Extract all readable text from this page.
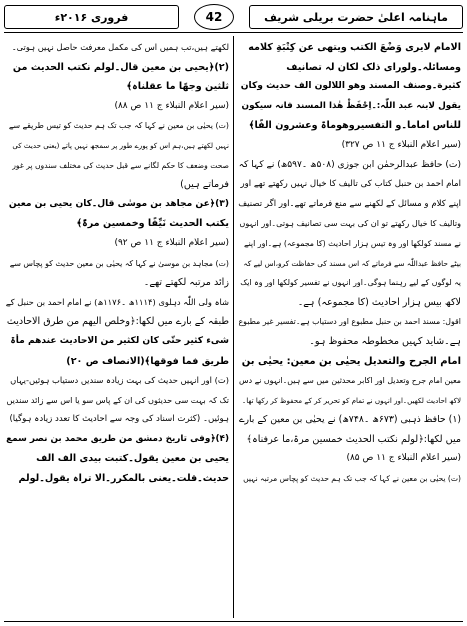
فروری ۲۰۱۶ء	42	ماہنامہ اعلیٰ حضرت بریلی شریف
الامام لایری وَضْعَ الکتب ویتھی عن کِتْبَةِ کلامه
ومسائلہ۔ولورای ذلک لکان لہ تصانیف
کثیرة۔وصنف المسند وھو اللالون الف حدیث وکان
یقول لابنہ عبد اللّٰہ:۔اِحْفَظْ ھٰذا المسند فانہ سیکون
للناس اماما۔و التفسیروھوماۃ وعشرون الفًا﴾
(سیر اعلام النبلاء ج ۱۱ ص ۳۲۷)
(ت) حافظ عبدالرحمٰن ابن جوزی (۵۰۸ھ ۔۵۹۷ھ) نے کہا کہ
امام احمد بن حنبل کتاب کی تالیف کا خیال نہیں رکھتے تھے اور
اپنے کلام و مسائل کے لکھنے سے منع فرماتے تھے۔اور اگر تصنیف
وتالیف کا خیال رکھتے تو ان کی بہت سی تصانیف ہوتی۔اور انہوں
نے مسند کولکھا اور وہ تیس ہزار احادیث (کا مجموعہ) ہے۔اور اپنے
بیٹے حافظ عبداللّٰہ سے فرماتے کہ اس مسند کی حفاظت کرو،اس لیے کہ
یہ لوگوں کے لیے رہنما ہوگی۔اور انہوں نے تفسیر کولکھا اور وہ ایک
لاکھ بیس ہزار احادیث (کا مجموعہ) ہے۔
اقول: مسند احمد بن حنبل مطبوع اور دستیاب ہے۔تفسیر غیر مطبوع
ہے۔شاید کہیں مخطوطہ محفوظ ہو۔
امام الجرح والتعدیل یحیٰی بن معین: یحیٰی بن
معین امام جرح وتعدیل اور اکابر محدثین میں سے ہیں۔انہوں نے دس
لاکھ احادیث لکھیں۔اور انہوں نے تمام کو تحریر کر کے محفوظ کر رکھا تھا۔
(۱) حافظ ذہبی (۶۷۳ھ ۔۷۴۸ھ) نے یحیٰی بن معین کے بارے
میں لکھا:﴿لولم نکتب الحدیث خمسین مرۃ،ما عرفناہ﴾
(سیر اعلام النبلاء ج ۱۱ ص ۸۵)
(ت) یحیٰی بن معین نے کہا کہ جب تک ہم حدیث کو پچاس مرتبہ نہیں
لکھتے ہیں،تب ہمیں اس کی مکمل معرفت حاصل نہیں ہوتی۔
(۲)﴿یحیی بن معین قال۔لولم نکتب الحدیث من
ثلثین وجھًا ما عقلناہ﴾
(سیر اعلام النبلاء ج ۱۱ ص ۸۸)
(ت) یحیٰی بن معین نے کہا کہ جب تک ہم حدیث کو تیس طریقے سے
نہیں لکھتے ہیں،ہم اس کو پورے طور پر سمجھ نہیں پاتے (یعنی حدیث کی
صحت وضعف کا حکم لگانے سے قبل حدیث کی مختلف سندوں پر غور
فرماتے ہیں)
(۳)﴿عن مجاھد بن موسٰی قال۔کان یحیی بن معین
یکتب الحدیث نَیِّفًا وخمسین مرۃً﴾
(سیر اعلام النبلاء ج ۱۱ ص ۹۲)
(ت) مجاہد بن موسیٰ نے کہا کہ یحیٰی بن معین حدیث کو پچاس سے
زائد مرتبہ لکھتے تھے۔
شاہ ولی اللّٰہ دہلوی (۱۱۱۴ھ ۔۱۱۷۶ھ) نے امام احمد بن حنبل کے
طبقہ کے بارے میں لکھا:﴿وخلص الیھم من طرق الاحادیث
شیء کثیر حتّی کان لکثیر من الاحادیث عندھم مأۃ
طریق فما فوقھا﴾(الانصاف ص ۲۰)
(ت) اور انہیں حدیث کی بہت زیادہ سندیں دستیاب ہوئیں-یہاں
تک کہ بہت سی حدیثوں کی ان کے پاس سو یا اس سے زائد سندیں
ہوئیں۔ (کثرت اسناد کی وجہ سے احادیث کا تعدد زیادہ ہوگیا)
(۴)﴿وفی تاریخ دمشق من طریق محمد بن نصر سمع
یحیی بن معین یقول۔کتبت بیدی الف الف
حدیث۔قلت۔یعنی بالمکرر۔الا تراہ یقول۔لولم
